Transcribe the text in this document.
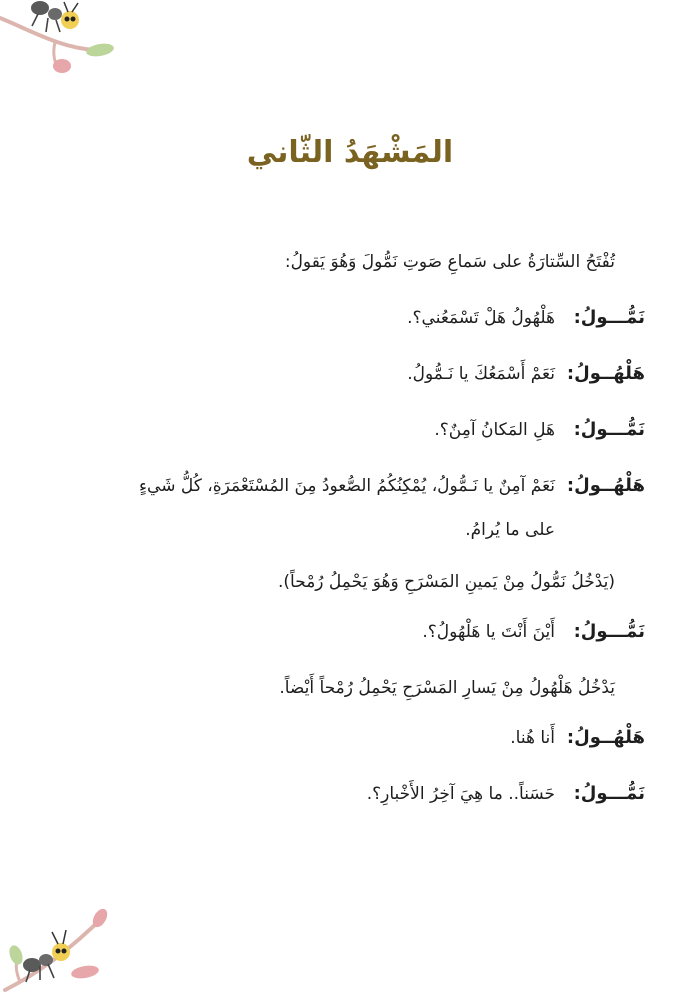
المَشْهَدُ الثّاني
تُفْتَحُ السِّتارَةُ على سَماعِ صَوتِ نَمُّولَ وَهُوَ يَقولُ:
نَمُّـــولُ:
هَلْهُولُ هَلْ تَسْمَعُني؟.
هَلْهُــولُ:
نَعَمْ أَسْمَعُكَ يا نَـمُّولُ.
نَمُّـــولُ:
هَلِ المَكانُ آمِنٌ؟.
هَلْهُــولُ:
نَعَمْ آمِنٌ يا نَـمُّولُ، يُمْكِنُكُمُ الصُّعودُ مِنَ المُسْتَعْمَرَةِ، كُلُّ شَيءٍ
على ما يُرامُ.
(يَدْخُلُ نَمُّولُ مِنْ يَمينِ المَسْرَحِ وَهُوَ يَحْمِلُ رُمْحاً).
نَمُّـــولُ:
أَيْنَ أَنْتَ يا هَلْهُولُ؟.
يَدْخُلُ هَلْهُولُ مِنْ يَسارِ المَسْرَحِ يَحْمِلُ رُمْحاً أَيْضاً.
هَلْهُــولُ:
أَنا هُنا.
نَمُّـــولُ:
حَسَناً.. ما هِيَ آخِرُ الأَخْبارِ؟.
